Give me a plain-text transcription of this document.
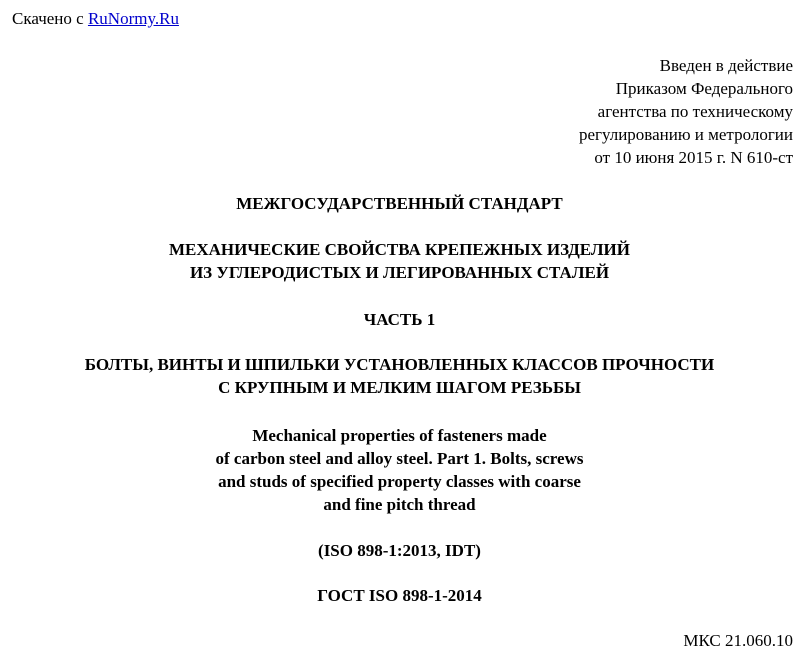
Скачено с RuNormy.Ru
Введен в действие
Приказом Федерального
агентства по техническому
регулированию и метрологии
от 10 июня 2015 г. N 610-ст
МЕЖГОСУДАРСТВЕННЫЙ СТАНДАРТ
МЕХАНИЧЕСКИЕ СВОЙСТВА КРЕПЕЖНЫХ ИЗДЕЛИЙ
ИЗ УГЛЕРОДИСТЫХ И ЛЕГИРОВАННЫХ СТАЛЕЙ
ЧАСТЬ 1
БОЛТЫ, ВИНТЫ И ШПИЛЬКИ УСТАНОВЛЕННЫХ КЛАССОВ ПРОЧНОСТИ
С КРУПНЫМ И МЕЛКИМ ШАГОМ РЕЗЬБЫ
Mechanical properties of fasteners made
of carbon steel and alloy steel. Part 1. Bolts, screws
and studs of specified property classes with coarse
and fine pitch thread
(ISO 898-1:2013, IDT)
ГОСТ ISO 898-1-2014
МКС 21.060.10
